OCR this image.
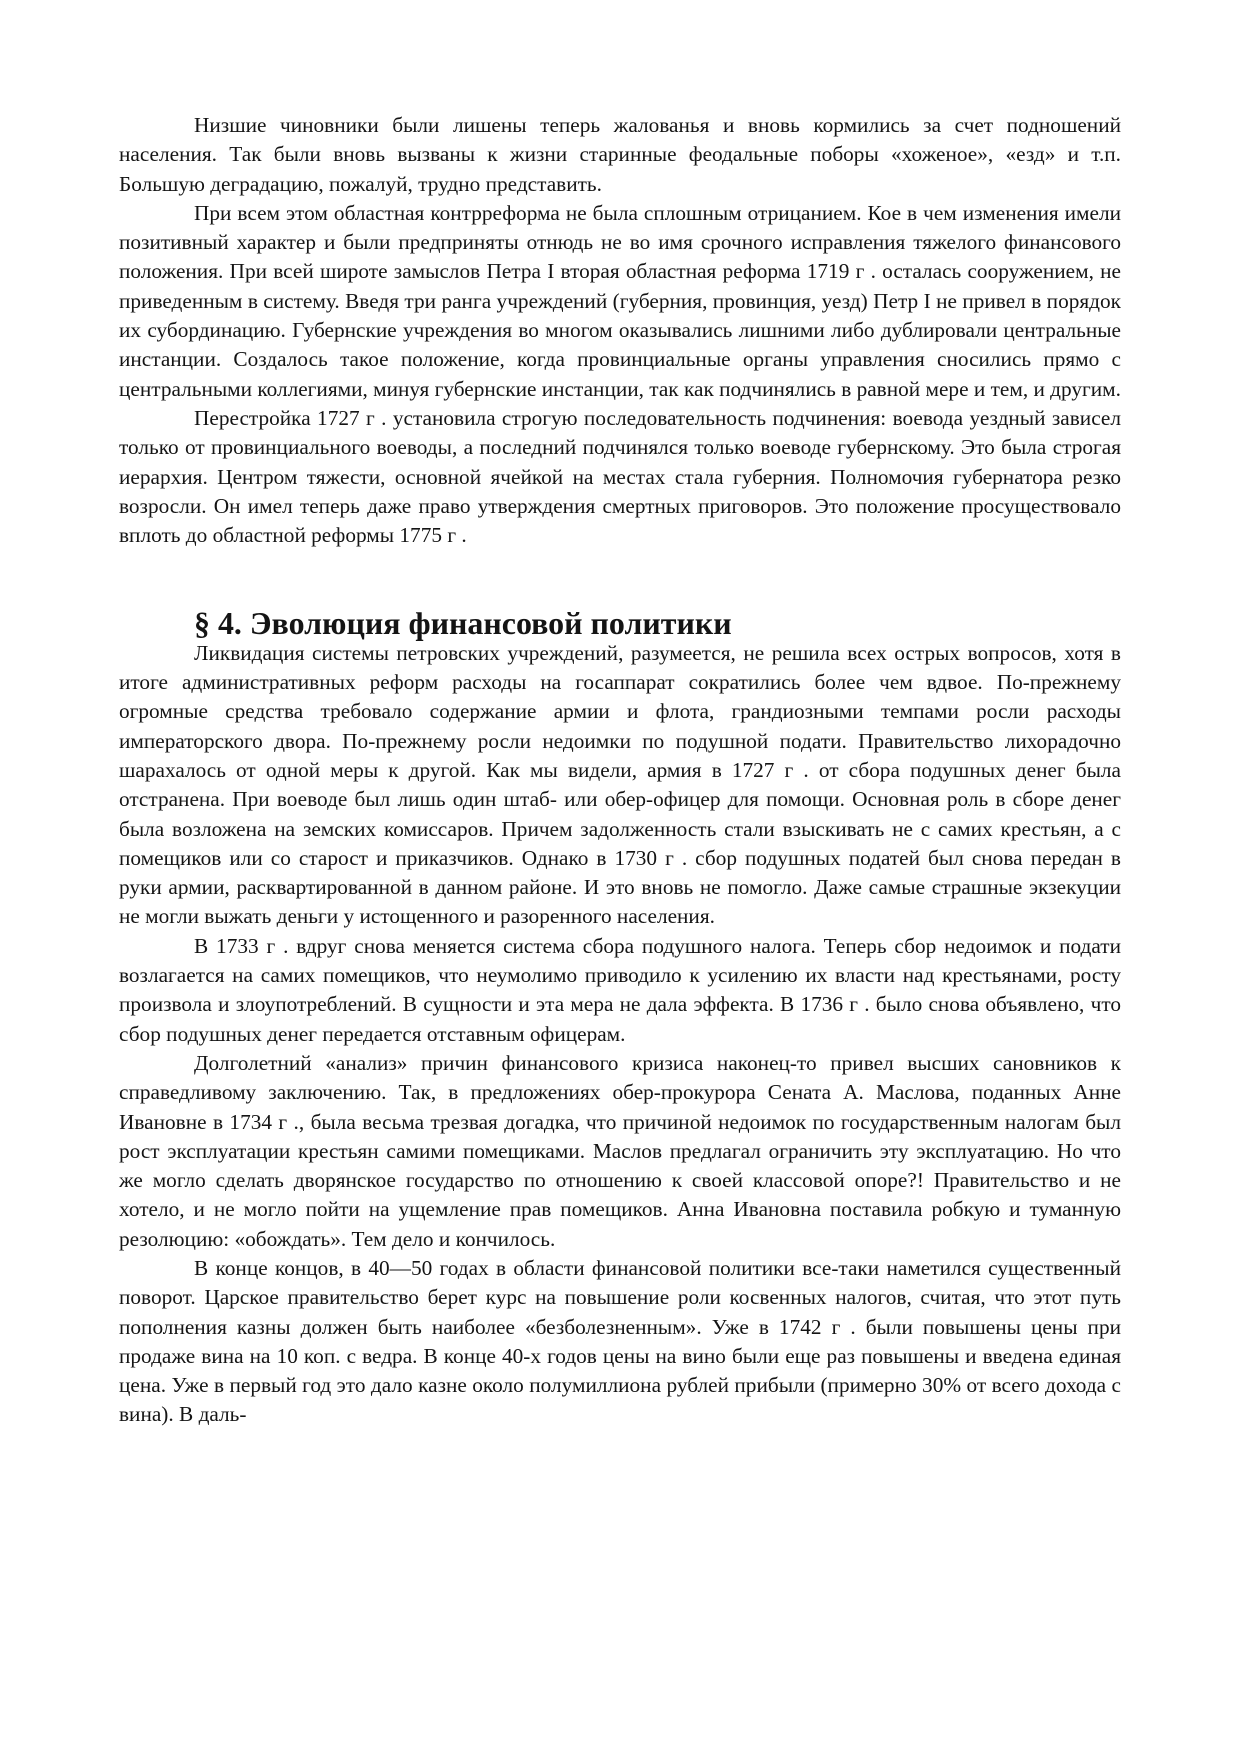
Низшие чиновники были лишены теперь жалованья и вновь кормились за счет подношений населения. Так были вновь вызваны к жизни старинные феодальные поборы «хоженое», «езд» и т.п. Большую деградацию, пожалуй, трудно представить.

При всем этом областная контрреформа не была сплошным отрицанием. Кое в чем изменения имели позитивный характер и были предприняты отнюдь не во имя срочного исправления тяжелого финансового положения. При всей широте замыслов Петра I вторая областная реформа 1719 г . осталась сооружением, не приведенным в систему. Введя три ранга учреждений (губерния, провинция, уезд) Петр I не привел в порядок их субординацию. Губернские учреждения во многом оказывались лишними либо дублировали центральные инстанции. Создалось такое положение, когда провинциальные органы управления сносились прямо с центральными коллегиями, минуя губернские инстанции, так как подчинялись в равной мере и тем, и другим.

Перестройка 1727 г . установила строгую последовательность подчинения: воевода уездный зависел только от провинциального воеводы, а последний подчинялся только воеводе губернскому. Это была строгая иерархия. Центром тяжести, основной ячейкой на местах стала губерния. Полномочия губернатора резко возросли. Он имел теперь даже право утверждения смертных приговоров. Это положение просуществовало вплоть до областной реформы 1775 г .

§ 4. Эволюция финансовой политики

Ликвидация системы петровских учреждений, разумеется, не решила всех острых вопросов, хотя в итоге административных реформ расходы на госаппарат сократились более чем вдвое. По-прежнему огромные средства требовало содержание армии и флота, грандиозными темпами росли расходы императорского двора. По-прежнему росли недоимки по подушной подати. Правительство лихорадочно шарахалось от одной меры к другой. Как мы видели, армия в 1727 г . от сбора подушных денег была отстранена. При воеводе был лишь один штаб- или обер-офицер для помощи. Основная роль в сборе денег была возложена на земских комиссаров. Причем задолженность стали взыскивать не с самих крестьян, а с помещиков или со старост и приказчиков. Однако в 1730 г . сбор подушных податей был снова передан в руки армии, расквартированной в данном районе. И это вновь не помогло. Даже самые страшные экзекуции не могли выжать деньги у истощенного и разоренного населения.

В 1733 г . вдруг снова меняется система сбора подушного налога. Теперь сбор недоимок и подати возлагается на самих помещиков, что неумолимо приводило к усилению их власти над крестьянами, росту произвола и злоупотреблений. В сущности и эта мера не дала эффекта. В 1736 г . было снова объявлено, что сбор подушных денег передается отставным офицерам.

Долголетний «анализ» причин финансового кризиса наконец-то привел высших сановников к справедливому заключению. Так, в предложениях обер-прокурора Сената А. Маслова, поданных Анне Ивановне в 1734 г ., была весьма трезвая догадка, что причиной недоимок по государственным налогам был рост эксплуатации крестьян самими помещиками. Маслов предлагал ограничить эту эксплуатацию. Но что же могло сделать дворянское государство по отношению к своей классовой опоре?! Правительство и не хотело, и не могло пойти на ущемление прав помещиков. Анна Ивановна поставила робкую и туманную резолюцию: «обождать». Тем дело и кончилось.

В конце концов, в 40—50 годах в области финансовой политики все-таки наметился существенный поворот. Царское правительство берет курс на повышение роли косвенных налогов, считая, что этот путь пополнения казны должен быть наиболее «безболезненным». Уже в 1742 г . были повышены цены при продаже вина на 10 коп. с ведра. В конце 40-х годов цены на вино были еще раз повышены и введена единая цена. Уже в первый год это дало казне около полумиллиона рублей прибыли (примерно 30% от всего дохода с вина). В даль-
